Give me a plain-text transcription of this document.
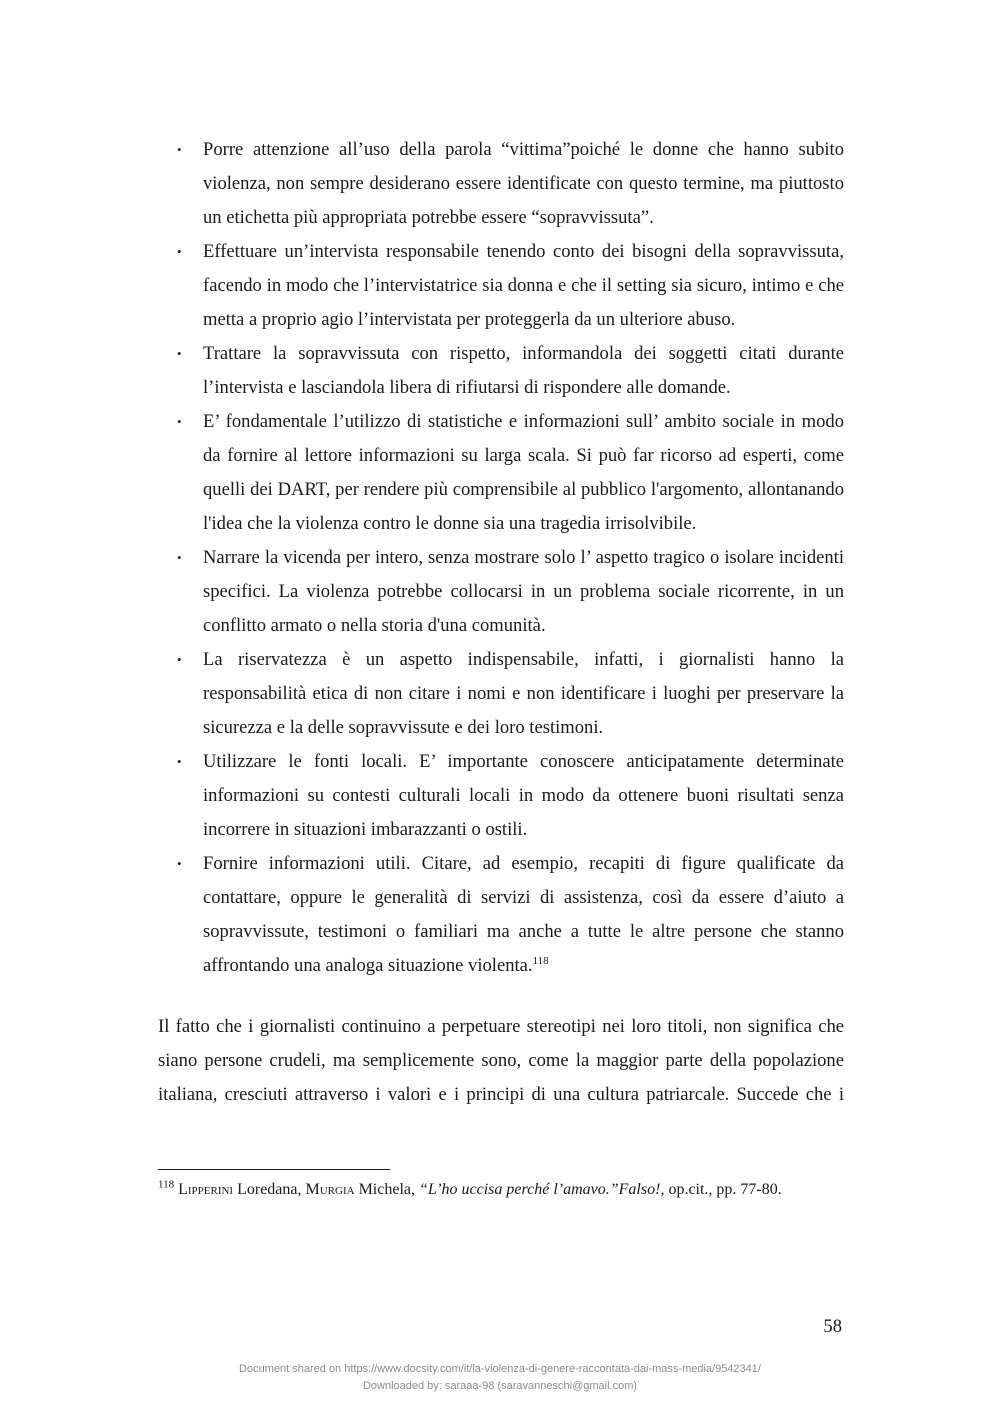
• Porre attenzione all’uso della parola “vittima”poiché le donne che hanno subito violenza, non sempre desiderano essere identificate con questo termine, ma piuttosto un etichetta più appropriata potrebbe essere “sopravvissuta”.
• Effettuare un’intervista responsabile tenendo conto dei bisogni della sopravvissuta, facendo in modo che l’intervistatrice sia donna e che il setting sia sicuro, intimo e che metta a proprio agio l’intervistata per proteggerla da un ulteriore abuso.
• Trattare la sopravvissuta con rispetto, informandola dei soggetti citati durante l’intervista e lasciandola libera di rifiutarsi di rispondere alle domande.
• E’ fondamentale l’utilizzo di statistiche e informazioni sull’ ambito sociale in modo da fornire al lettore informazioni su larga scala. Si può far ricorso ad esperti, come quelli dei DART, per rendere più comprensibile al pubblico l'argomento, allontanando l'idea che la violenza contro le donne sia una tragedia irrisolvibile.
• Narrare la vicenda per intero, senza mostrare solo l’ aspetto tragico o isolare incidenti specifici. La violenza potrebbe collocarsi in un problema sociale ricorrente, in un conflitto armato o nella storia d'una comunità.
• La riservatezza è un aspetto indispensabile, infatti, i giornalisti hanno la responsabilità etica di non citare i nomi e non identificare i luoghi per preservare la sicurezza e la delle sopravvissute e dei loro testimoni.
• Utilizzare le fonti locali. E’ importante conoscere anticipatamente determinate informazioni su contesti culturali locali in modo da ottenere buoni risultati senza incorrere in situazioni imbarazzanti o ostili.
• Fornire informazioni utili. Citare, ad esempio, recapiti di figure qualificate da contattare, oppure le generalità di servizi di assistenza, così da essere d’aiuto a sopravvissute, testimoni o familiari ma anche a tutte le altre persone che stanno affrontando una analoga situazione violenta.$^{118}$

Il fatto che i giornalisti continuino a perpetuare stereotipi nei loro titoli, non significa che siano persone crudeli, ma semplicemente sono, come la maggior parte della popolazione italiana, cresciuti attraverso i valori e i principi di una cultura patriarcale. Succede che i

$^{118}$ Lipperini Loredana, Murgia Michela, “L’ho uccisa perché l’amavo.”Falso!, op.cit., pp. 77-80.

58
Document shared on https://www.docsity.com/it/la-violenza-di-genere-raccontata-dai-mass-media/9542341/
Downloaded by: saraaa-98 (saravanneschi@gmail.com)
